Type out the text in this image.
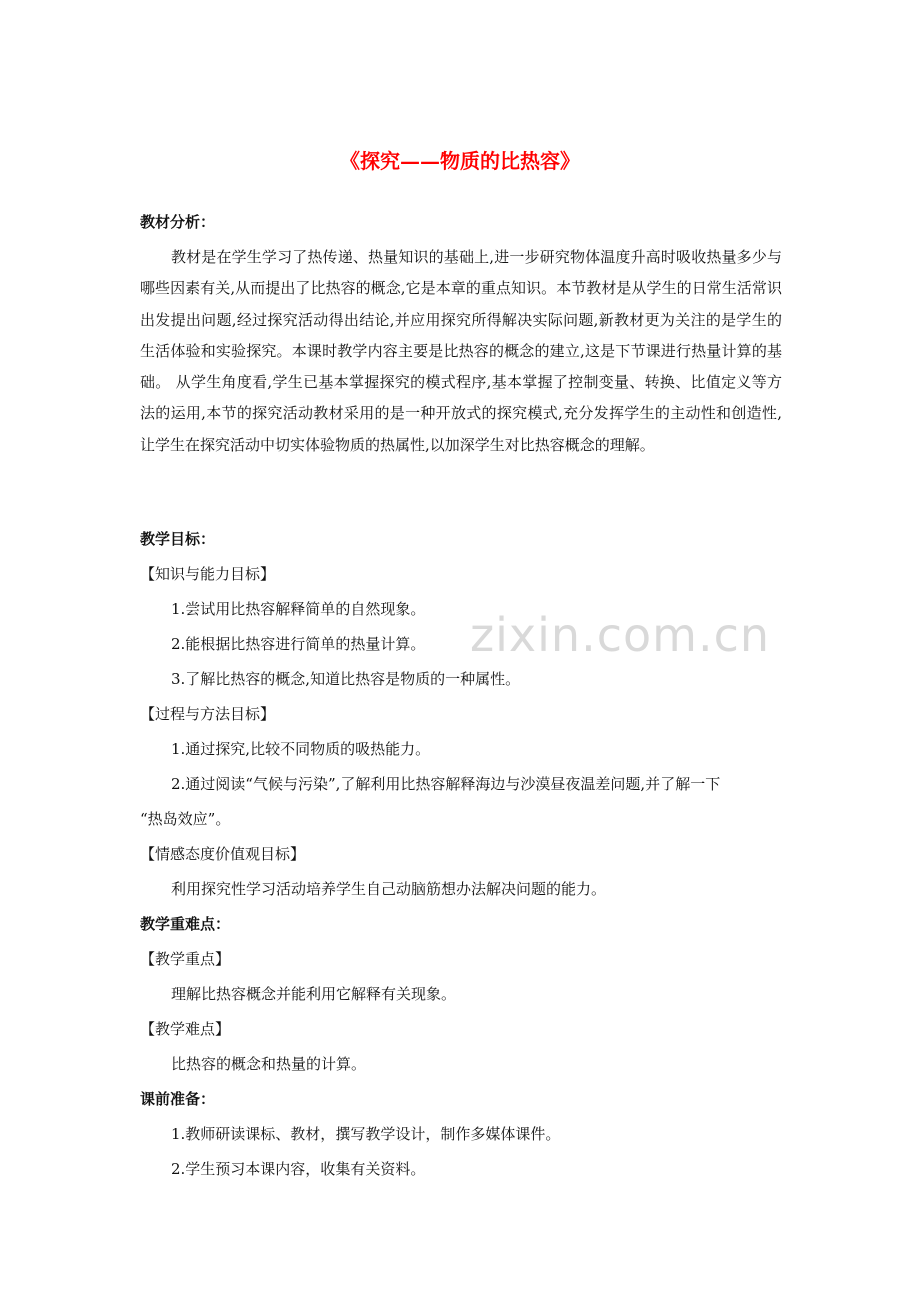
zixin.com.cn
《探究——物质的比热容》
教材分析：

教材是在学生学习了热传递、热量知识的基础上,进一步研究物体温度升高时吸收热量多少与哪些因素有关,从而提出了比热容的概念,它是本章的重点知识。本节教材是从学生的日常生活常识出发提出问题,经过探究活动得出结论,并应用探究所得解决实际问题,新教材更为关注的是学生的生活体验和实验探究。本课时教学内容主要是比热容的概念的建立,这是下节课进行热量计算的基础。 从学生角度看,学生已基本掌握探究的模式程序,基本掌握了控制变量、转换、比值定义等方法的运用,本节的探究活动教材采用的是一种开放式的探究模式,充分发挥学生的主动性和创造性,让学生在探究活动中切实体验物质的热属性,以加深学生对比热容概念的理解。

教学目标：
【知识与能力目标】
1.尝试用比热容解释简单的自然现象。
2.能根据比热容进行简单的热量计算。
3.了解比热容的概念,知道比热容是物质的一种属性。
【过程与方法目标】
1.通过探究,比较不同物质的吸热能力。
2.通过阅读“气候与污染”,了解利用比热容解释海边与沙漠昼夜温差问题,并了解一下
“热岛效应”。
【情感态度价值观目标】
利用探究性学习活动培养学生自己动脑筋想办法解决问题的能力。
教学重难点：
【教学重点】
理解比热容概念并能利用它解释有关现象。
【教学难点】
比热容的概念和热量的计算。
课前准备：
1.教师研读课标、教材，撰写教学设计，制作多媒体课件。
2.学生预习本课内容，收集有关资料。
